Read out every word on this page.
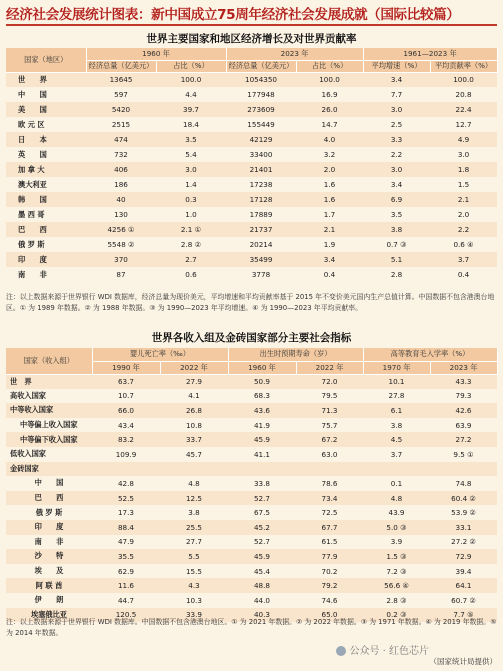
经济社会发展统计图表：新中国成立75周年经济社会发展成就（国际比较篇）
世界主要国家和地区经济增长及对世界贡献率
国家（地区）	1960 年		2023 年		1961—2023 年	
	经济总量（亿美元）	占比（%）	经济总量（亿美元）	占比（%）	平均增速（%）	平均贡献率（%）
世　　界	13645	100.0	1054350	100.0	3.4	100.0
中　　国	597	4.4	177948	16.9	7.7	20.8
美　　国	5420	39.7	273609	26.0	3.0	22.4
欧 元 区	2515	18.4	155449	14.7	2.5	12.7
日　　本	474	3.5	42129	4.0	3.3	4.9
英　　国	732	5.4	33400	3.2	2.2	3.0
加 拿 大	406	3.0	21401	2.0	3.0	1.8
澳大利亚	186	1.4	17238	1.6	3.4	1.5
韩　　国	40	0.3	17128	1.6	6.9	2.1
墨 西 哥	130	1.0	17889	1.7	3.5	2.0
巴　　西	4256 ①	2.1 ①	21737	2.1	3.8	2.2
俄 罗 斯	5548 ②	2.8 ②	20214	1.9	0.7 ③	0.6 ④
印　　度	370	2.7	35499	3.4	5.1	3.7
南　　非	87	0.6	3778	0.4	2.8	0.4
注：以上数据来源于世界银行 WDI 数据库，经济总量为现价美元，平均增速和平均贡献率基于 2015 年不变价美元国内生产总值计算。中国数据不包含港澳台地区。① 为 1989 年数据。② 为 1988 年数据。③ 为 1990—2023 年平均增速。④ 为 1990—2023 年平均贡献率。
世界各收入组及金砖国家部分主要社会指标
国家（收入组）	婴儿死亡率（‰）		出生时预期寿命（岁）		高等教育毛入学率（%）	
	1990 年	2022 年	1960 年	2022 年	1970 年	2023 年
世　界	63.7	27.9	50.9	72.0	10.1	43.3
高收入国家	10.7	4.1	68.3	79.5	27.8	79.3
中等收入国家	66.0	26.8	43.6	71.3	6.1	42.6
中等偏上收入国家	43.4	10.8	41.9	75.7	3.8	63.9
中等偏下收入国家	83.2	33.7	45.9	67.2	4.5	27.2
低收入国家	109.9	45.7	41.1	63.0	3.7	9.5 ①
金砖国家						
中　　国	42.8	4.8	33.8	78.6	0.1	74.8
巴　　西	52.5	12.5	52.7	73.4	4.8	60.4 ②
俄 罗 斯	17.3	3.8	67.5	72.5	43.9	53.9 ②
印　　度	88.4	25.5	45.2	67.7	5.0 ③	33.1
南　　非	47.9	27.7	52.7	61.5	3.9	27.2 ②
沙　　特	35.5	5.5	45.9	77.9	1.5 ③	72.9
埃　　及	62.9	15.5	45.4	70.2	7.2 ③	39.4
阿 联 酋	11.6	4.3	48.8	79.2	56.6 ④	64.1
伊　　朗	44.7	10.3	44.0	74.6	2.8 ③	60.7 ②
埃塞俄比亚	120.5	33.9	40.3	65.0	0.2 ③	7.7 ⑤
注：以上数据来源于世界银行 WDI 数据库。中国数据不包含港澳台地区。① 为 2021 年数据。② 为 2022 年数据。③ 为 1971 年数据。④ 为 2019 年数据。⑤ 为 2014 年数据。
公众号 · 红色芯片
（国家统计局提供）
